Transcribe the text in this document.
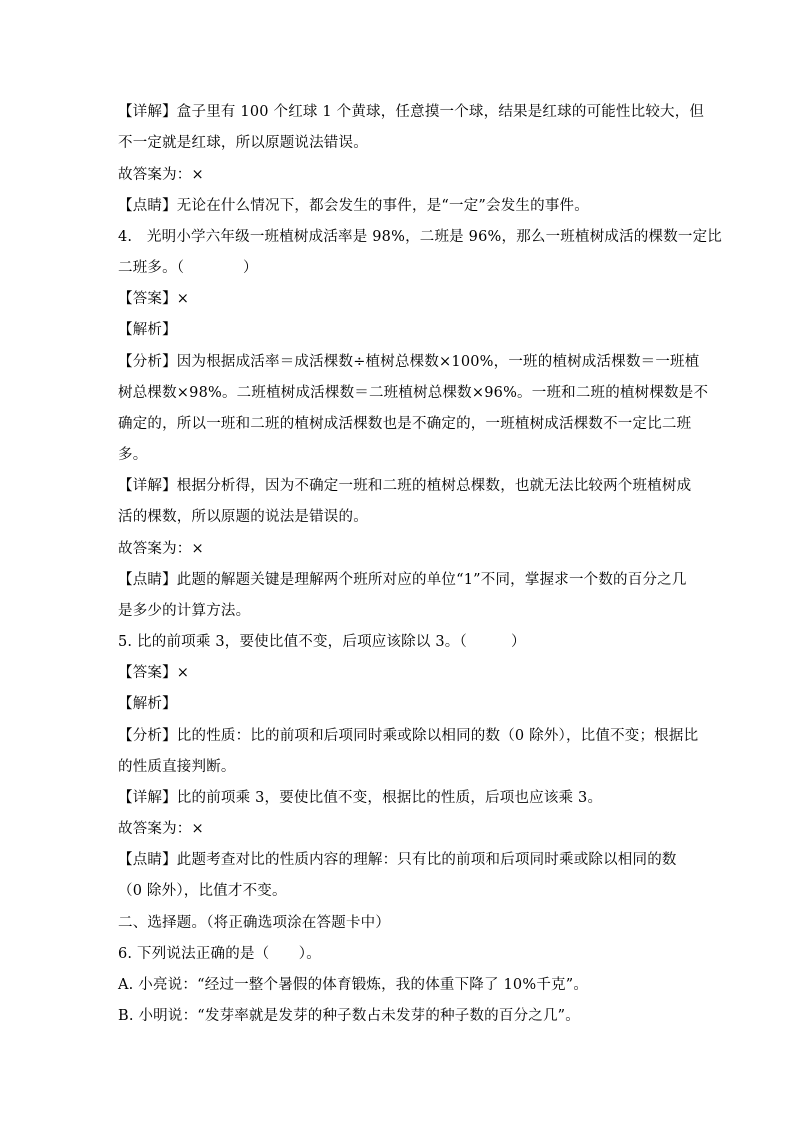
【详解】盒子里有 100 个红球 1 个黄球，任意摸一个球，结果是红球的可能性比较大，但
不一定就是红球，所以原题说法错误。
故答案为：×
【点睛】无论在什么情况下，都会发生的事件，是“一定”会发生的事件。
4.　光明小学六年级一班植树成活率是 98%，二班是 96%，那么一班植树成活的棵数一定比
二班多。（　　　　）
【答案】×
【解析】
【分析】因为根据成活率＝成活棵数÷植树总棵数×100%，一班的植树成活棵数＝一班植
树总棵数×98%。二班植树成活棵数＝二班植树总棵数×96%。一班和二班的植树棵数是不
确定的，所以一班和二班的植树成活棵数也是不确定的，一班植树成活棵数不一定比二班
多。
【详解】根据分析得，因为不确定一班和二班的植树总棵数，也就无法比较两个班植树成
活的棵数，所以原题的说法是错误的。
故答案为：×
【点睛】此题的解题关键是理解两个班所对应的单位“1”不同，掌握求一个数的百分之几
是多少的计算方法。
5. 比的前项乘 3，要使比值不变，后项应该除以 3。（　　　）
【答案】×
【解析】
【分析】比的性质：比的前项和后项同时乘或除以相同的数（0 除外），比值不变；根据比
的性质直接判断。
【详解】比的前项乘 3，要使比值不变，根据比的性质，后项也应该乘 3。
故答案为：×
【点睛】此题考查对比的性质内容的理解：只有比的前项和后项同时乘或除以相同的数
（0 除外），比值才不变。
二、选择题。（将正确选项涂在答题卡中）
6. 下列说法正确的是（　　）。
A. 小亮说：“经过一整个暑假的体育锻炼，我的体重下降了 10%千克”。
B. 小明说：“发芽率就是发芽的种子数占未发芽的种子数的百分之几”。
